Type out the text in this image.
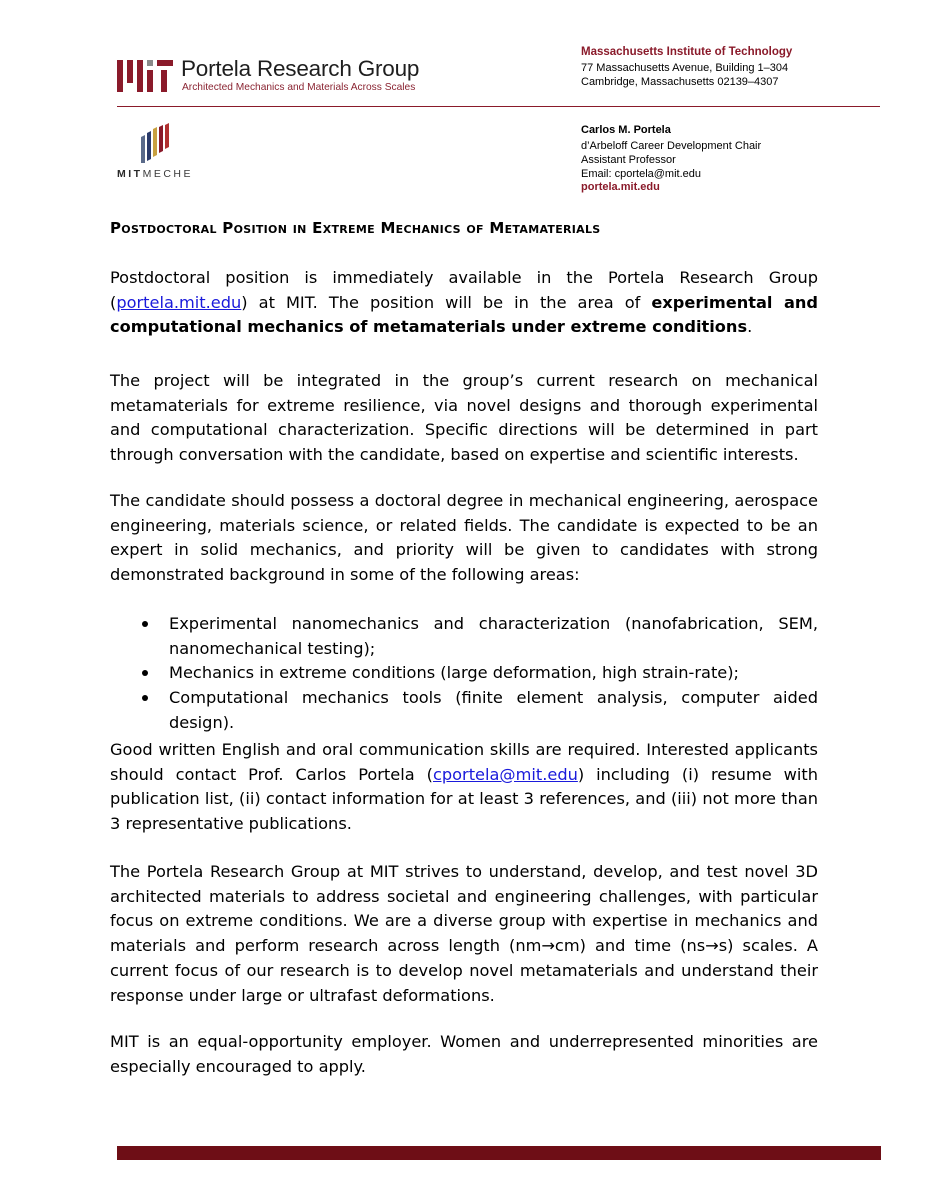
Portela Research Group
Architected Mechanics and Materials Across Scales
Massachusetts Institute of Technology
77 Massachusetts Avenue, Building 1–304
Cambridge, Massachusetts 02139–4307
MITMECHE
Carlos M. Portela
d’Arbeloff Career Development Chair
Assistant Professor
Email: cportela@mit.edu
portela.mit.edu
Postdoctoral Position in Extreme Mechanics of Metamaterials

Postdoctoral position is immediately available in the Portela Research Group (portela.mit.edu) at MIT. The position will be in the area of experimental and computational mechanics of metamaterials under extreme conditions.

The project will be integrated in the group’s current research on mechanical metamaterials for extreme resilience, via novel designs and thorough experimental and computational characterization. Specific directions will be determined in part through conversation with the candidate, based on expertise and scientific interests.

The candidate should possess a doctoral degree in mechanical engineering, aerospace engineering, materials science, or related fields. The candidate is expected to be an expert in solid mechanics, and priority will be given to candidates with strong demonstrated background in some of the following areas:

Experimental nanomechanics and characterization (nanofabrication, SEM, nanomechanical testing);
Mechanics in extreme conditions (large deformation, high strain-rate);
Computational mechanics tools (finite element analysis, computer aided design).

Good written English and oral communication skills are required. Interested applicants should contact Prof. Carlos Portela (cportela@mit.edu) including (i) resume with publication list, (ii) contact information for at least 3 references, and (iii) not more than 3 representative publications.

The Portela Research Group at MIT strives to understand, develop, and test novel 3D architected materials to address societal and engineering challenges, with particular focus on extreme conditions. We are a diverse group with expertise in mechanics and materials and perform research across length (nm→cm) and time (ns→s) scales. A current focus of our research is to develop novel metamaterials and understand their response under large or ultrafast deformations.

MIT is an equal-opportunity employer. Women and underrepresented minorities are especially encouraged to apply.
